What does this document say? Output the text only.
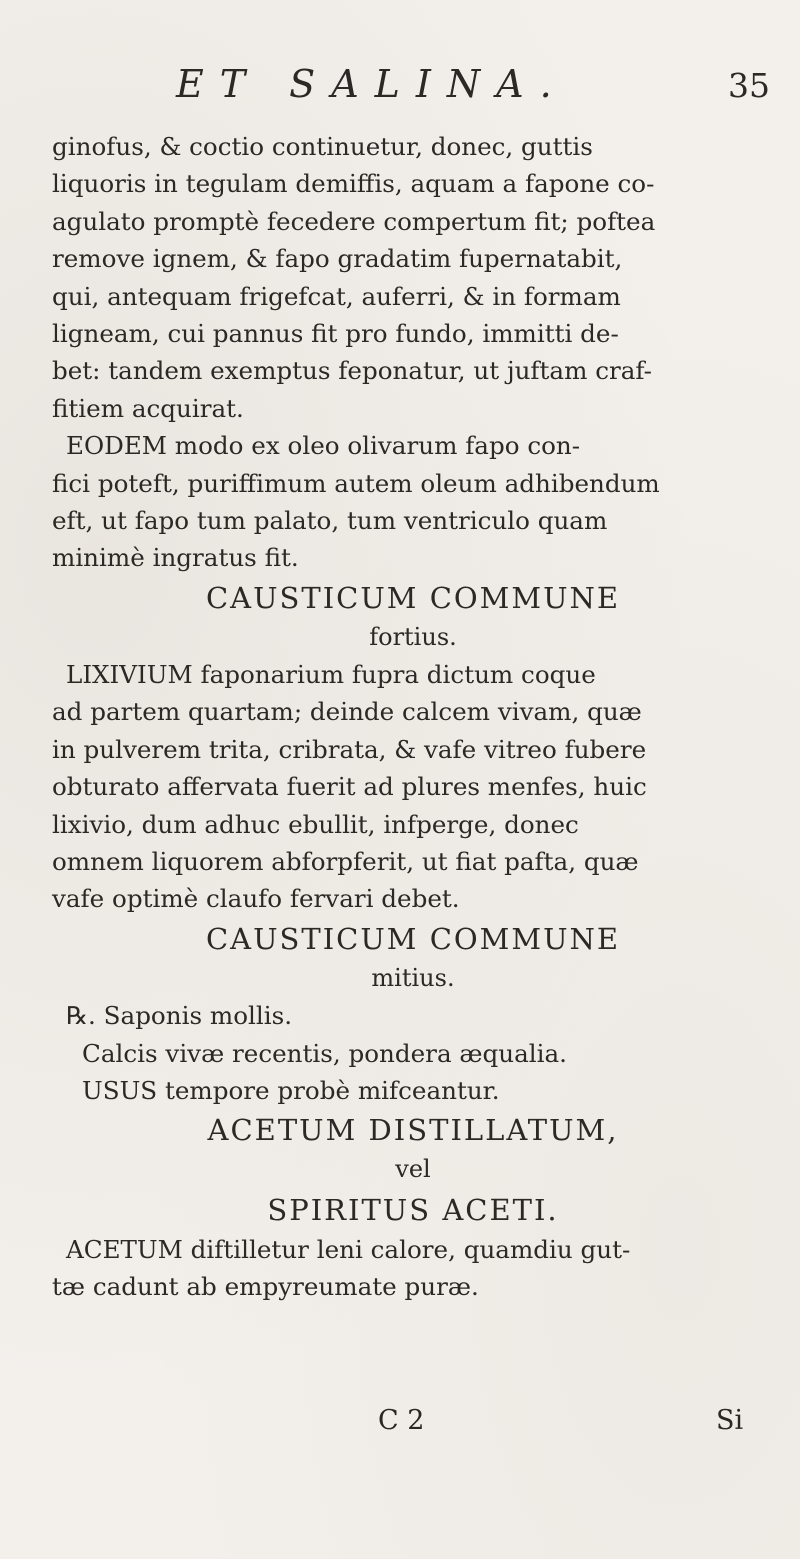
ET SALINA.	35
ginofus, & coctio continuetur, donec, guttis
liquoris in tegulam demiffis, aquam a fapone co-
agulato promptè fecedere compertum fit; poftea
remove ignem, & fapo gradatim fupernatabit,
qui, antequam frigefcat, auferri, & in formam
ligneam, cui pannus fit pro fundo, immitti de-
bet: tandem exemptus feponatur, ut juftam craf-
fitiem acquirat.
EODEM modo ex oleo olivarum fapo con-
fici poteft, puriffimum autem oleum adhibendum
eft, ut fapo tum palato, tum ventriculo quam
minimè ingratus fit.
CAUSTICUM COMMUNE
fortius.
LIXIVIUM faponarium fupra dictum coque
ad partem quartam; deinde calcem vivam, quæ
in pulverem trita, cribrata, & vafe vitreo fubere
obturato affervata fuerit ad plures menfes, huic
lixivio, dum adhuc ebullit, infperge, donec
omnem liquorem abforpferit, ut fiat pafta, quæ
vafe optimè claufo fervari debet.
CAUSTICUM COMMUNE
mitius.
℞. Saponis mollis.
Calcis vivæ recentis, pondera æqualia.
USUS tempore probè mifceantur.
ACETUM DISTILLATUM,
vel
SPIRITUS ACETI.
ACETUM diftilletur leni calore, quamdiu gut-
tæ cadunt ab empyreumate puræ.
C 2	Si
